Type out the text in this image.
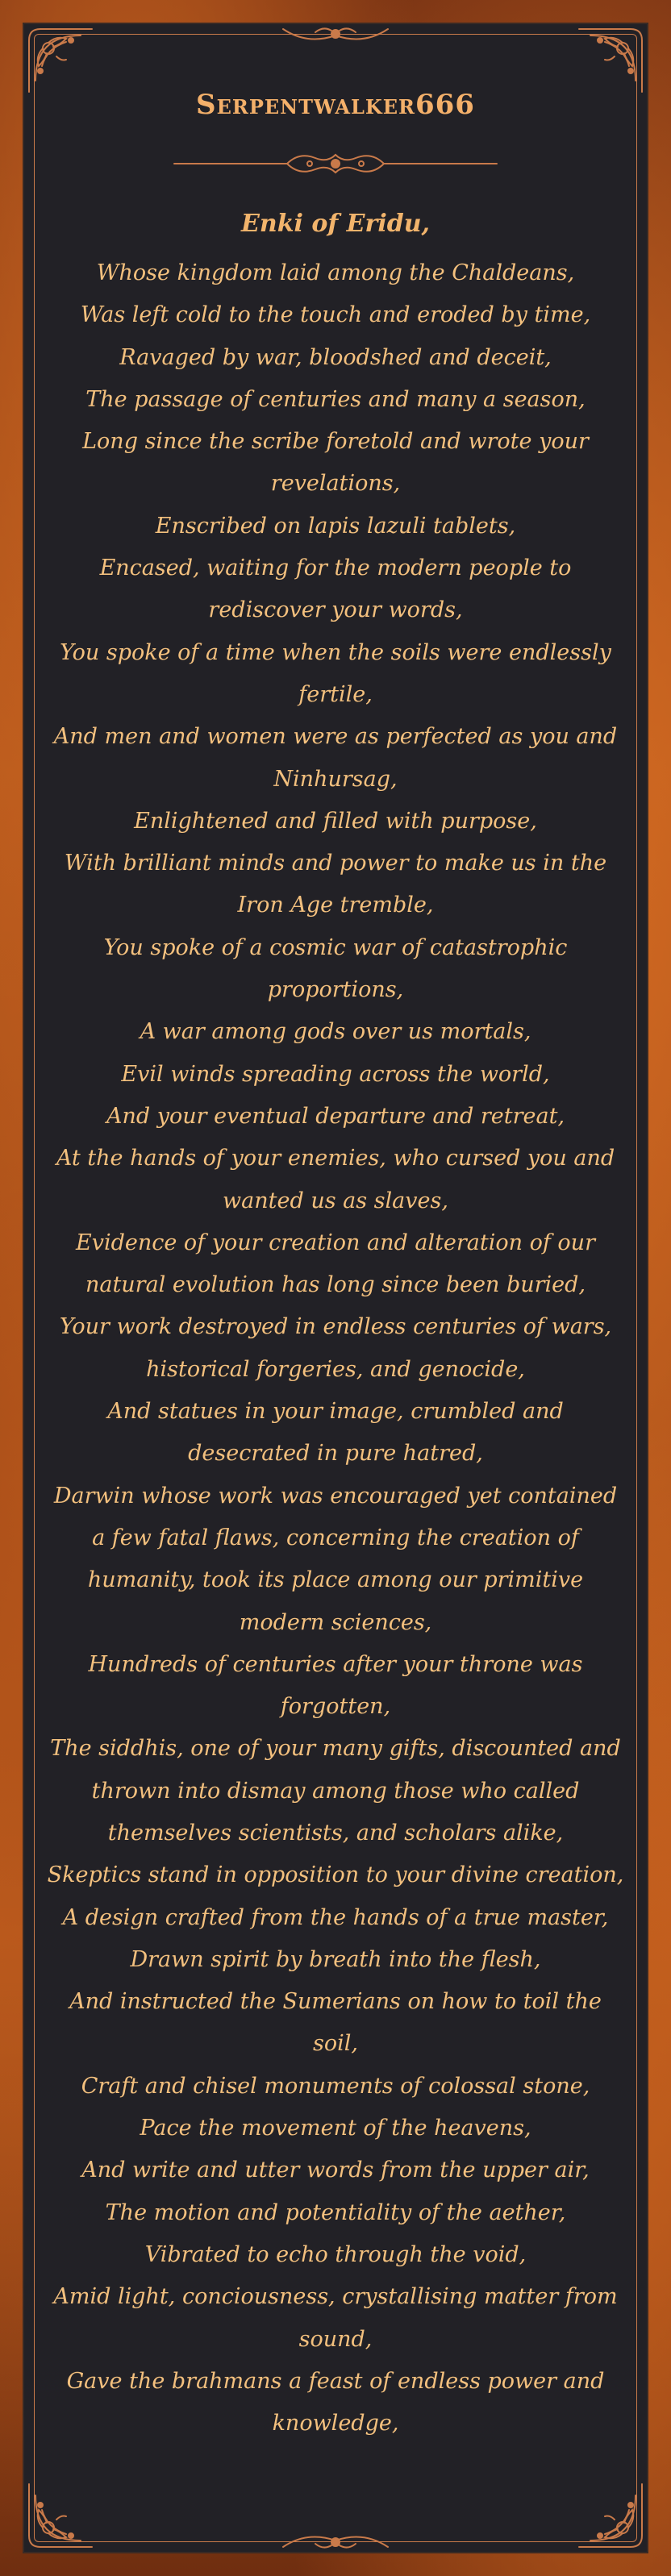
Serpentwalker666
Enki of Eridu,
Whose kingdom laid among the Chaldeans,
Was left cold to the touch and eroded by time,
Ravaged by war, bloodshed and deceit,
The passage of centuries and many a season,
Long since the scribe foretold and wrote your revelations,
Enscribed on lapis lazuli tablets,
Encased, waiting for the modern people to rediscover your words,
You spoke of a time when the soils were endlessly fertile,
And men and women were as perfected as you and Ninhursag,
Enlightened and filled with purpose,
With brilliant minds and power to make us in the Iron Age tremble,
You spoke of a cosmic war of catastrophic proportions,
A war among gods over us mortals,
Evil winds spreading across the world,
And your eventual departure and retreat,
At the hands of your enemies, who cursed you and wanted us as slaves,
Evidence of your creation and alteration of our natural evolution has long since been buried,
Your work destroyed in endless centuries of wars, historical forgeries, and genocide,
And statues in your image, crumbled and desecrated in pure hatred,
Darwin whose work was encouraged yet contained a few fatal flaws, concerning the creation of humanity, took its place among our primitive modern sciences,
Hundreds of centuries after your throne was forgotten,
The siddhis, one of your many gifts, discounted and thrown into dismay among those who called themselves scientists, and scholars alike,
Skeptics stand in opposition to your divine creation,
A design crafted from the hands of a true master,
Drawn spirit by breath into the flesh,
And instructed the Sumerians on how to toil the soil,
Craft and chisel monuments of colossal stone,
Pace the movement of the heavens,
And write and utter words from the upper air,
The motion and potentiality of the aether,
Vibrated to echo through the void,
Amid light, conciousness, crystallising matter from sound,
Gave the brahmans a feast of endless power and knowledge,
